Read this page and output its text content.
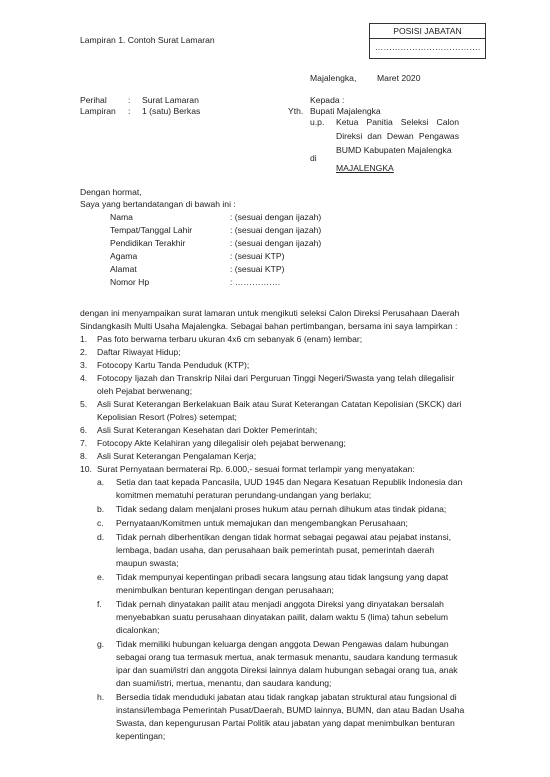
Lampiran 1. Contoh Surat Lamaran
POSISI JABATAN
……………………………….
Majalengka, Maret 2020
Perihal : Surat Lamaran
Lampiran : 1 (satu) Berkas
Kepada :
Yth. Bupati Majalengka
u.p. Ketua Panitia Seleksi Calon
Direksi dan Dewan Pengawas
BUMD Kabupaten Majalengka
di
MAJALENGKA
Dengan hormat,
Saya yang bertandatangan di bawah ini :
Nama	: (sesuai dengan ijazah)
Tempat/Tanggal Lahir	: (sesuai dengan ijazah)
Pendidikan Terakhir	: (sesuai dengan ijazah)
Agama	: (sesuai KTP)
Alamat	: (sesuai KTP)
Nomor Hp	: …………….
dengan ini menyampaikan surat lamaran untuk mengikuti seleksi Calon Direksi Perusahaan Daerah
Sindangkasih Multi Usaha Majalengka. Sebagai bahan pertimbangan, bersama ini saya lampirkan :
1. Pas foto berwarna terbaru ukuran 4x6 cm sebanyak 6 (enam) lembar;
2. Daftar Riwayat Hidup;
3. Fotocopy Kartu Tanda Penduduk (KTP);
4. Fotocopy Ijazah dan Transkrip Nilai dari Perguruan Tinggi Negeri/Swasta yang telah dilegalisir
oleh Pejabat berwenang;
5. Asli Surat Keterangan Berkelakuan Baik atau Surat Keterangan Catatan Kepolisian (SKCK) dari
Kepolisian Resort (Polres) setempat;
6. Asli Surat Keterangan Kesehatan dari Dokter Pemerintah;
7. Fotocopy Akte Kelahiran yang dilegalisir oleh pejabat berwenang;
8. Asli Surat Keterangan Pengalaman Kerja;
10. Surat Pernyataan bermaterai Rp. 6.000,- sesuai format terlampir yang menyatakan:
a. Setia dan taat kepada Pancasila, UUD 1945 dan Negara Kesatuan Republik Indonesia dan
komitmen mematuhi peraturan perundang-undangan yang berlaku;
b. Tidak sedang dalam menjalani proses hukum atau pernah dihukum atas tindak pidana;
c. Pernyataan/Komitmen untuk memajukan dan mengembangkan Perusahaan;
d. Tidak pernah diberhentikan dengan tidak hormat sebagai pegawai atau pejabat instansi,
lembaga, badan usaha, dan perusahaan baik pemerintah pusat, pemerintah daerah
maupun swasta;
e. Tidak mempunyai kepentingan pribadi secara langsung atau tidak langsung yang dapat
menimbulkan benturan kepentingan dengan perusahaan;
f. Tidak pernah dinyatakan pailit atau menjadi anggota Direksi yang dinyatakan bersalah
menyebabkan suatu perusahaan dinyatakan pailit, dalam waktu 5 (lima) tahun sebelum
dicalonkan;
g. Tidak memiliki hubungan keluarga dengan anggota Dewan Pengawas dalam hubungan
sebagai orang tua termasuk mertua, anak termasuk menantu, saudara kandung termasuk
ipar dan suami/istri dan anggota Direksi lainnya dalam hubungan sebagai orang tua, anak
dan suami/istri, mertua, menantu, dan saudara kandung;
h. Bersedia tidak menduduki jabatan atau tidak rangkap jabatan struktural atau fungsional di
instansi/lembaga Pemerintah Pusat/Daerah, BUMD lainnya, BUMN, dan atau Badan Usaha
Swasta, dan kepengurusan Partai Politik atau jabatan yang dapat menimbulkan benturan
kepentingan;
